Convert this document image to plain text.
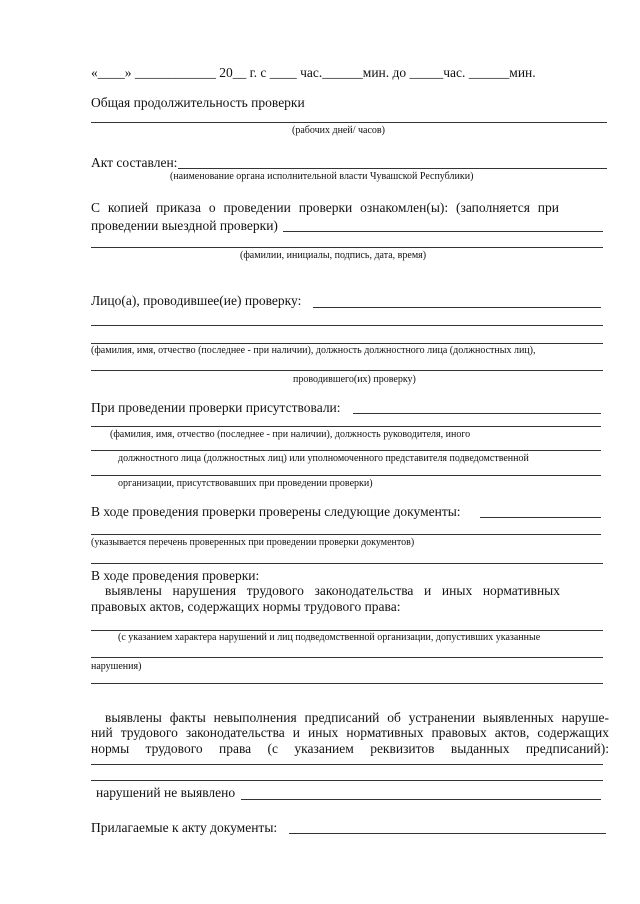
«____» ____________ 20__ г. с ____ час.______мин. до _____час. ______мин.
Общая продолжительность проверки
(рабочих дней/ часов)
Акт составлен:
(наименование органа исполнительной власти Чувашской Республики)
С копией приказа о проведении проверки ознакомлен(ы): (заполняется при
проведении выездной проверки)
(фамилии, инициалы, подпись, дата, время)
Лицо(а), проводившее(ие) проверку:
(фамилия, имя, отчество (последнее - при наличии), должность должностного лица (должностных лиц),
проводившего(их) проверку)
При проведении проверки присутствовали:
(фамилия, имя, отчество (последнее - при наличии), должность руководителя, иного
должностного лица (должностных лиц) или уполномоченного представителя подведомственной
организации, присутствовавших при проведении проверки)
В ходе проведения проверки проверены следующие документы:
(указывается перечень проверенных при проведении проверки документов)
В ходе проведения проверки:
выявлены нарушения трудового законодательства и иных нормативных
правовых актов, содержащих нормы трудового права:
(с указанием характера нарушений и лиц подведомственной организации, допустивших указанные
нарушения)
выявлены факты невыполнения предписаний об устранении выявленных наруше-
ний трудового законодательства и иных нормативных правовых актов, содержащих
нормы трудового права (с указанием реквизитов выданных предписаний):
нарушений не выявлено
Прилагаемые к акту документы:
